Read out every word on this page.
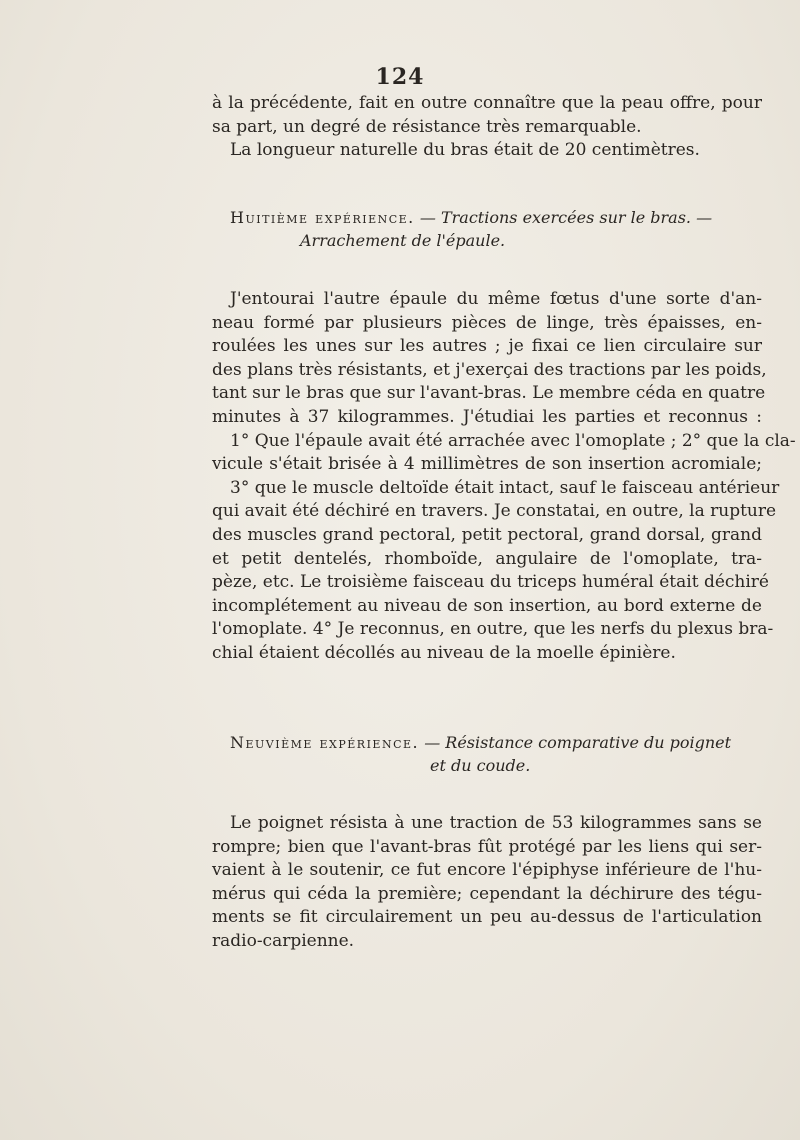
124
à la précédente, fait en outre connaître que la peau offre, pour
sa part, un degré de résistance très remarquable.
La longueur naturelle du bras était de 20 centimètres.
Huitième expérience. — Tractions exercées sur le bras. —
Arrachement de l'épaule.
J'entourai l'autre épaule du même fœtus d'une sorte d'an-
neau formé par plusieurs pièces de linge, très épaisses, en-
roulées les unes sur les autres ; je fixai ce lien circulaire sur
des plans très résistants, et j'exerçai des tractions par les poids,
tant sur le bras que sur l'avant-bras. Le membre céda en quatre
minutes à 37 kilogrammes. J'étudiai les parties et reconnus :
1° Que l'épaule avait été arrachée avec l'omoplate ; 2° que la cla-
vicule s'était brisée à 4 millimètres de son insertion acromiale;
3° que le muscle deltoïde était intact, sauf le faisceau antérieur
qui avait été déchiré en travers. Je constatai, en outre, la rupture
des muscles grand pectoral, petit pectoral, grand dorsal, grand
et petit dentelés, rhomboïde, angulaire de l'omoplate, tra-
pèze, etc. Le troisième faisceau du triceps huméral était déchiré
incomplétement au niveau de son insertion, au bord externe de
l'omoplate. 4° Je reconnus, en outre, que les nerfs du plexus bra-
chial étaient décollés au niveau de la moelle épinière.
Neuvième expérience. — Résistance comparative du poignet
et du coude.
Le poignet résista à une traction de 53 kilogrammes sans se
rompre; bien que l'avant-bras fût protégé par les liens qui ser-
vaient à le soutenir, ce fut encore l'épiphyse inférieure de l'hu-
mérus qui céda la première; cependant la déchirure des tégu-
ments se fit circulairement un peu au-dessus de l'articulation
radio-carpienne.
